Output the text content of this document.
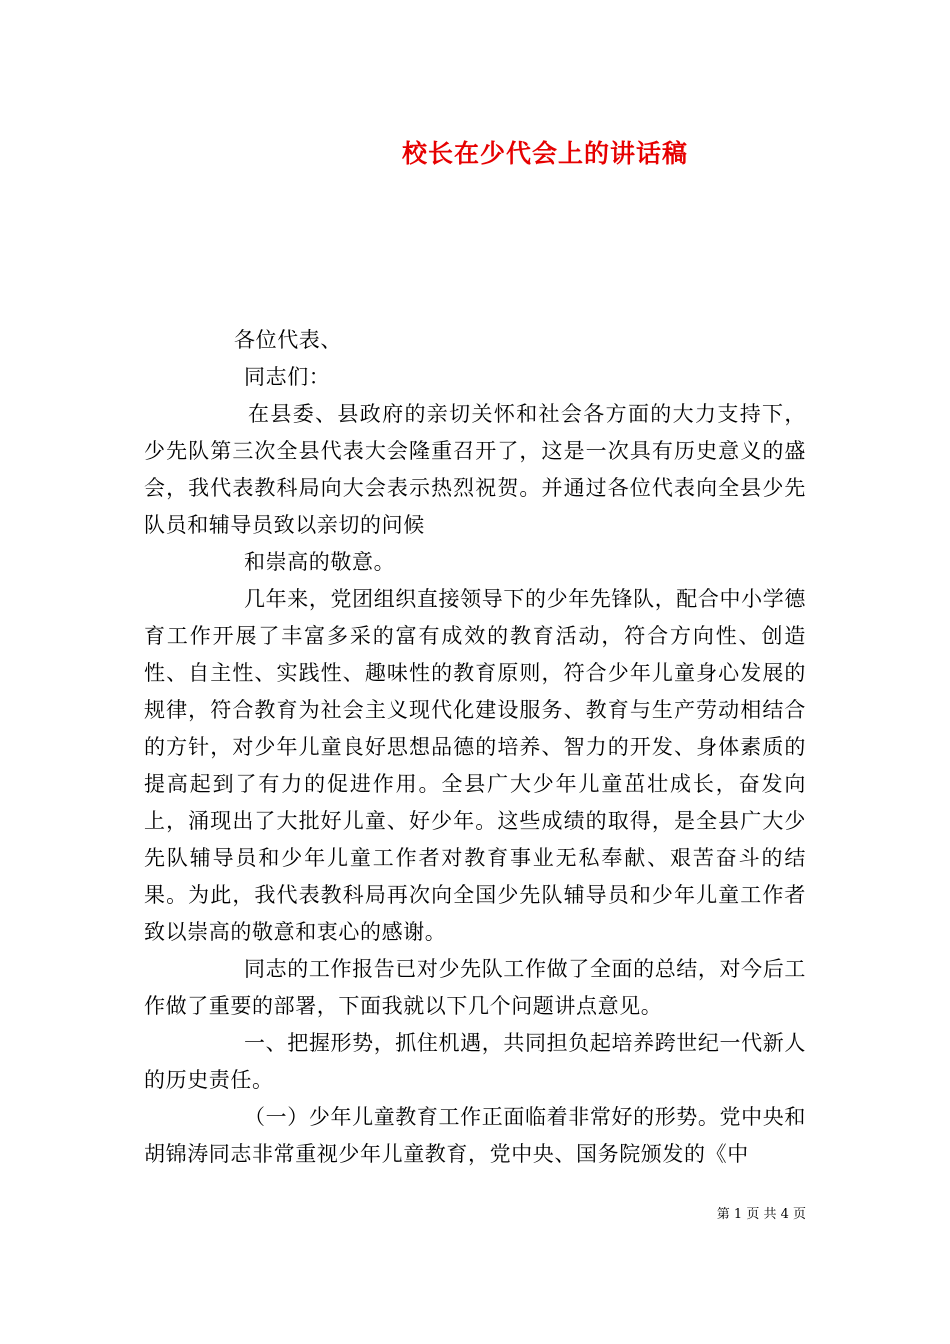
校长在少代会上的讲话稿

各位代表、

同志们：

在县委、县政府的亲切关怀和社会各方面的大力支持下，少先队第三次全县代表大会隆重召开了，这是一次具有历史意义的盛会，我代表教科局向大会表示热烈祝贺。并通过各位代表向全县少先队员和辅导员致以亲切的问候

和崇高的敬意。

几年来，党团组织直接领导下的少年先锋队，配合中小学德育工作开展了丰富多采的富有成效的教育活动，符合方向性、创造性、自主性、实践性、趣味性的教育原则，符合少年儿童身心发展的规律，符合教育为社会主义现代化建设服务、教育与生产劳动相结合的方针，对少年儿童良好思想品德的培养、智力的开发、身体素质的提高起到了有力的促进作用。全县广大少年儿童茁壮成长，奋发向上，涌现出了大批好儿童、好少年。这些成绩的取得，是全县广大少先队辅导员和少年儿童工作者对教育事业无私奉献、艰苦奋斗的结果。为此，我代表教科局再次向全国少先队辅导员和少年儿童工作者致以崇高的敬意和衷心的感谢。

同志的工作报告已对少先队工作做了全面的总结，对今后工作做了重要的部署，下面我就以下几个问题讲点意见。

一、把握形势，抓住机遇，共同担负起培养跨世纪一代新人的历史责任。

（一）少年儿童教育工作正面临着非常好的形势。党中央和胡锦涛同志非常重视少年儿童教育，党中央、国务院颁发的《中

第 1 页 共 4 页
